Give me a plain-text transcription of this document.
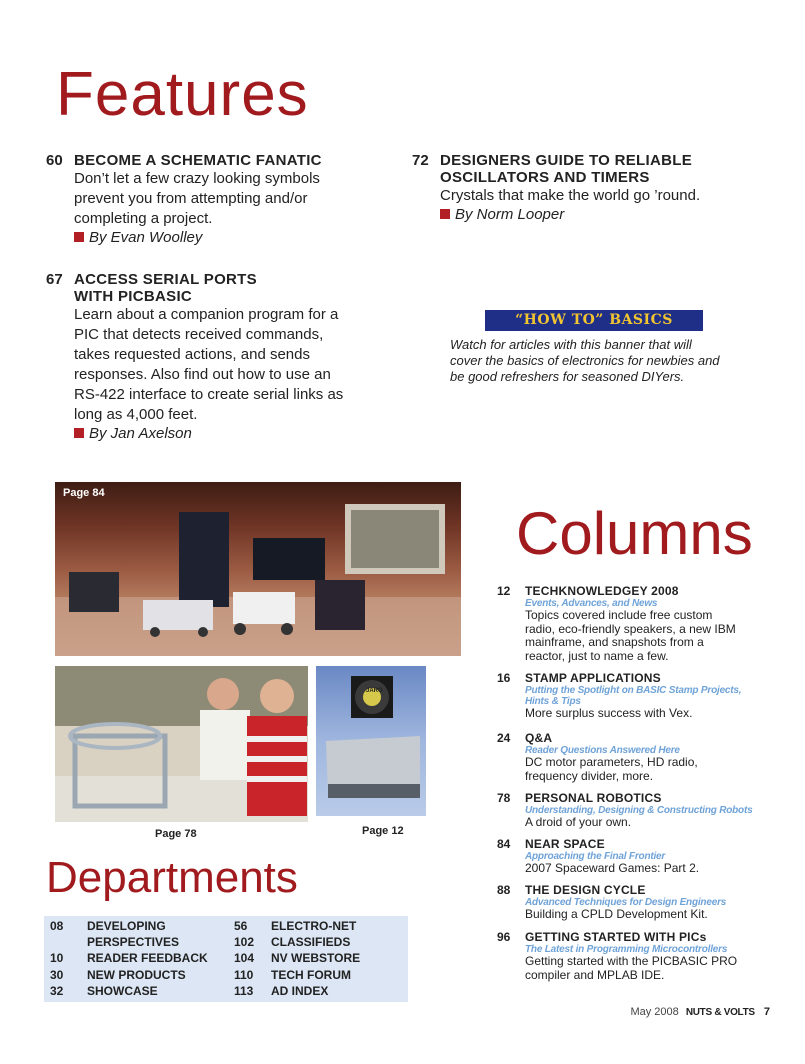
Features
60 BECOME A SCHEMATIC FANATIC
Don’t let a few crazy looking symbols
prevent you from attempting and/or
completing a project.
By Evan Woolley
67 ACCESS SERIAL PORTS
WITH PICBASIC
Learn about a companion program for a
PIC that detects received commands,
takes requested actions, and sends
responses. Also find out how to use an
RS-422 interface to create serial links as
long as 4,000 feet.
By Jan Axelson
72 DESIGNERS GUIDE TO RELIABLE
OSCILLATORS AND TIMERS
Crystals that make the world go ’round.
By Norm Looper
“HOW TO” BASICS
Watch for articles with this banner that will
cover the basics of electronics for newbies and
be good refreshers for seasoned DIYers.
Page 84
Page 78
JARO
Page 12
Columns
12	TECHKNOWLEDGEY 2008
Events, Advances, and News
Topics covered include free custom
radio, eco-friendly speakers, a new IBM
mainframe, and snapshots from a
reactor, just to name a few.
16	STAMP APPLICATIONS
Putting the Spotlight on BASIC Stamp Projects,
Hints & Tips
More surplus success with Vex.
24	Q&A
Reader Questions Answered Here
DC motor parameters, HD radio,
frequency divider, more.
78	PERSONAL ROBOTICS
Understanding, Designing & Constructing Robots
A droid of your own.
84	NEAR SPACE
Approaching the Final Frontier
2007 Spaceward Games: Part 2.
88	THE DESIGN CYCLE
Advanced Techniques for Design Engineers
Building a CPLD Development Kit.
96	GETTING STARTED WITH PICs
The Latest in Programming Microcontrollers
Getting started with the PICBASIC PRO
compiler and MPLAB IDE.
Departments
08 DEVELOPING
PERSPECTIVES
10 READER FEEDBACK
30 NEW PRODUCTS
32 SHOWCASE
56 ELECTRO-NET
102 CLASSIFIEDS
104 NV WEBSTORE
110 TECH FORUM
113 AD INDEX
May 2008 NUTS & VOLTS 7
